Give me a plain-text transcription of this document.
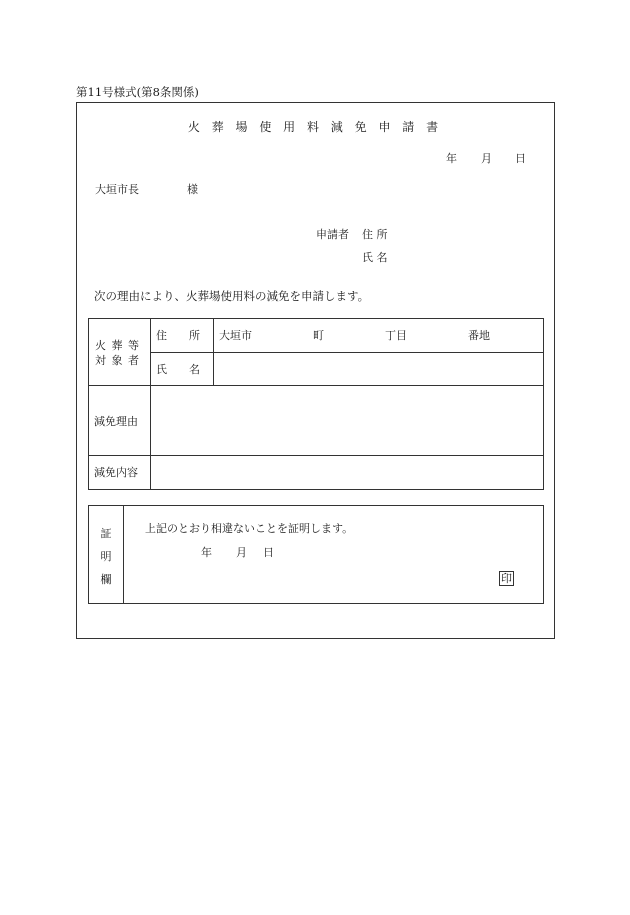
第11号様式(第8条関係)
火 葬 場 使 用 料 減 免 申 請 書
年 月 日
大垣市長	様
申請者 住 所
氏 名
次の理由により、火葬場使用料の減免を申請します。
火 葬 等
対 象 者
住　　所 大垣市	町	丁目	番地
氏　　名
減免理由
減免内容
証
明
欄
上記のとおり相違ないことを証明します。
年 月 日
印
